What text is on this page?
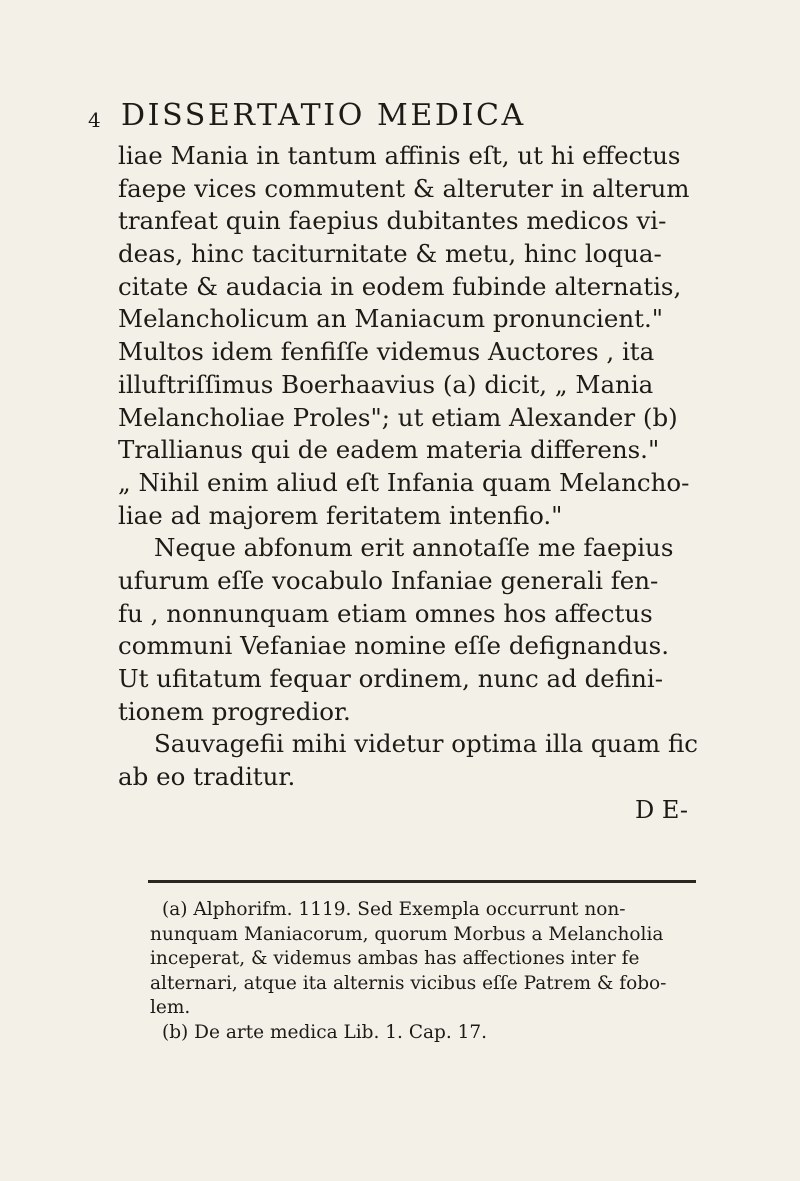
4 DISSERTATIO MEDICA
liae Mania in tantum affinis eſt, ut hi effectus
faepe vices commutent & alteruter in alterum
tranfeat quin faepius dubitantes medicos vi-
deas, hinc taciturnitate & metu, hinc loqua-
citate & audacia in eodem fubinde alternatis,
Melancholicum an Maniacum pronuncient."
Multos idem fenfiſſe videmus Auctores , ita
illuftriſſimus Boerhaavius (a) dicit, „ Mania
Melancholiae Proles"; ut etiam Alexander (b)
Trallianus qui de eadem materia differens."
„ Nihil enim aliud eſt Infania quam Melancho-
liae ad majorem feritatem intenfio."
Neque abfonum erit annotaſſe me faepius
ufurum eſſe vocabulo Infaniae generali fen-
fu , nonnunquam etiam omnes hos affectus
communi Vefaniae nomine eſſe defignandus.
Ut ufitatum fequar ordinem, nunc ad defini-
tionem progredior.
Sauvagefii mihi videtur optima illa quam fic
ab eo traditur.
D E-
(a) Alphorifm. 1119. Sed Exempla occurrunt non-
nunquam Maniacorum, quorum Morbus a Melancholia
inceperat, & videmus ambas has affectiones inter fe
alternari, atque ita alternis vicibus eſſe Patrem & fobo-
lem.
(b) De arte medica Lib. 1. Cap. 17.
